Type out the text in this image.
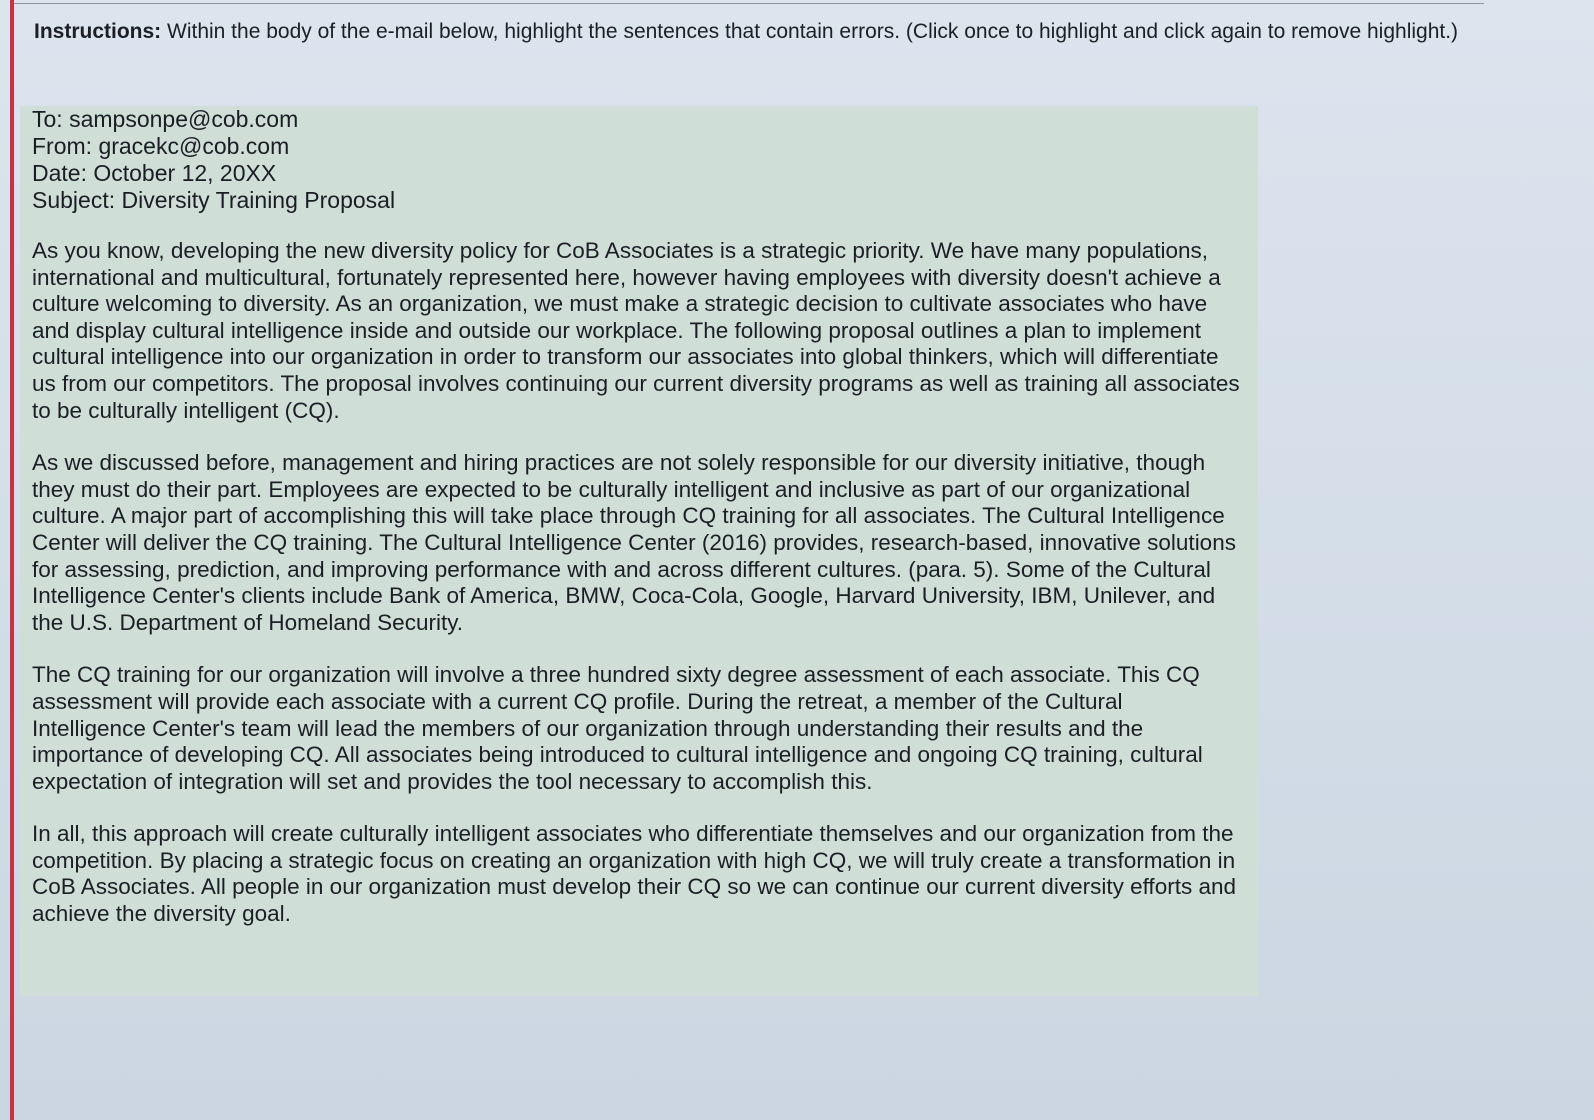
Instructions: Within the body of the e-mail below, highlight the sentences that contain errors. (Click once to highlight and click again to remove highlight.)
To: sampsonpe@cob.com
From: gracekc@cob.com
Date: October 12, 20XX
Subject: Diversity Training Proposal

As you know, developing the new diversity policy for CoB Associates is a strategic priority. We have many populations, international and multicultural, fortunately represented here, however having employees with diversity doesn't achieve a culture welcoming to diversity. As an organization, we must make a strategic decision to cultivate associates who have and display cultural intelligence inside and outside our workplace. The following proposal outlines a plan to implement cultural intelligence into our organization in order to transform our associates into global thinkers, which will differentiate us from our competitors. The proposal involves continuing our current diversity programs as well as training all associates to be culturally intelligent (CQ).

As we discussed before, management and hiring practices are not solely responsible for our diversity initiative, though they must do their part. Employees are expected to be culturally intelligent and inclusive as part of our organizational culture. A major part of accomplishing this will take place through CQ training for all associates. The Cultural Intelligence Center will deliver the CQ training. The Cultural Intelligence Center (2016) provides, research-based, innovative solutions for assessing, prediction, and improving performance with and across different cultures. (para. 5). Some of the Cultural Intelligence Center's clients include Bank of America, BMW, Coca-Cola, Google, Harvard University, IBM, Unilever, and the U.S. Department of Homeland Security.

The CQ training for our organization will involve a three hundred sixty degree assessment of each associate. This CQ assessment will provide each associate with a current CQ profile. During the retreat, a member of the Cultural Intelligence Center's team will lead the members of our organization through understanding their results and the importance of developing CQ. All associates being introduced to cultural intelligence and ongoing CQ training, cultural expectation of integration will set and provides the tool necessary to accomplish this.

In all, this approach will create culturally intelligent associates who differentiate themselves and our organization from the competition. By placing a strategic focus on creating an organization with high CQ, we will truly create a transformation in CoB Associates. All people in our organization must develop their CQ so we can continue our current diversity efforts and achieve the diversity goal.
